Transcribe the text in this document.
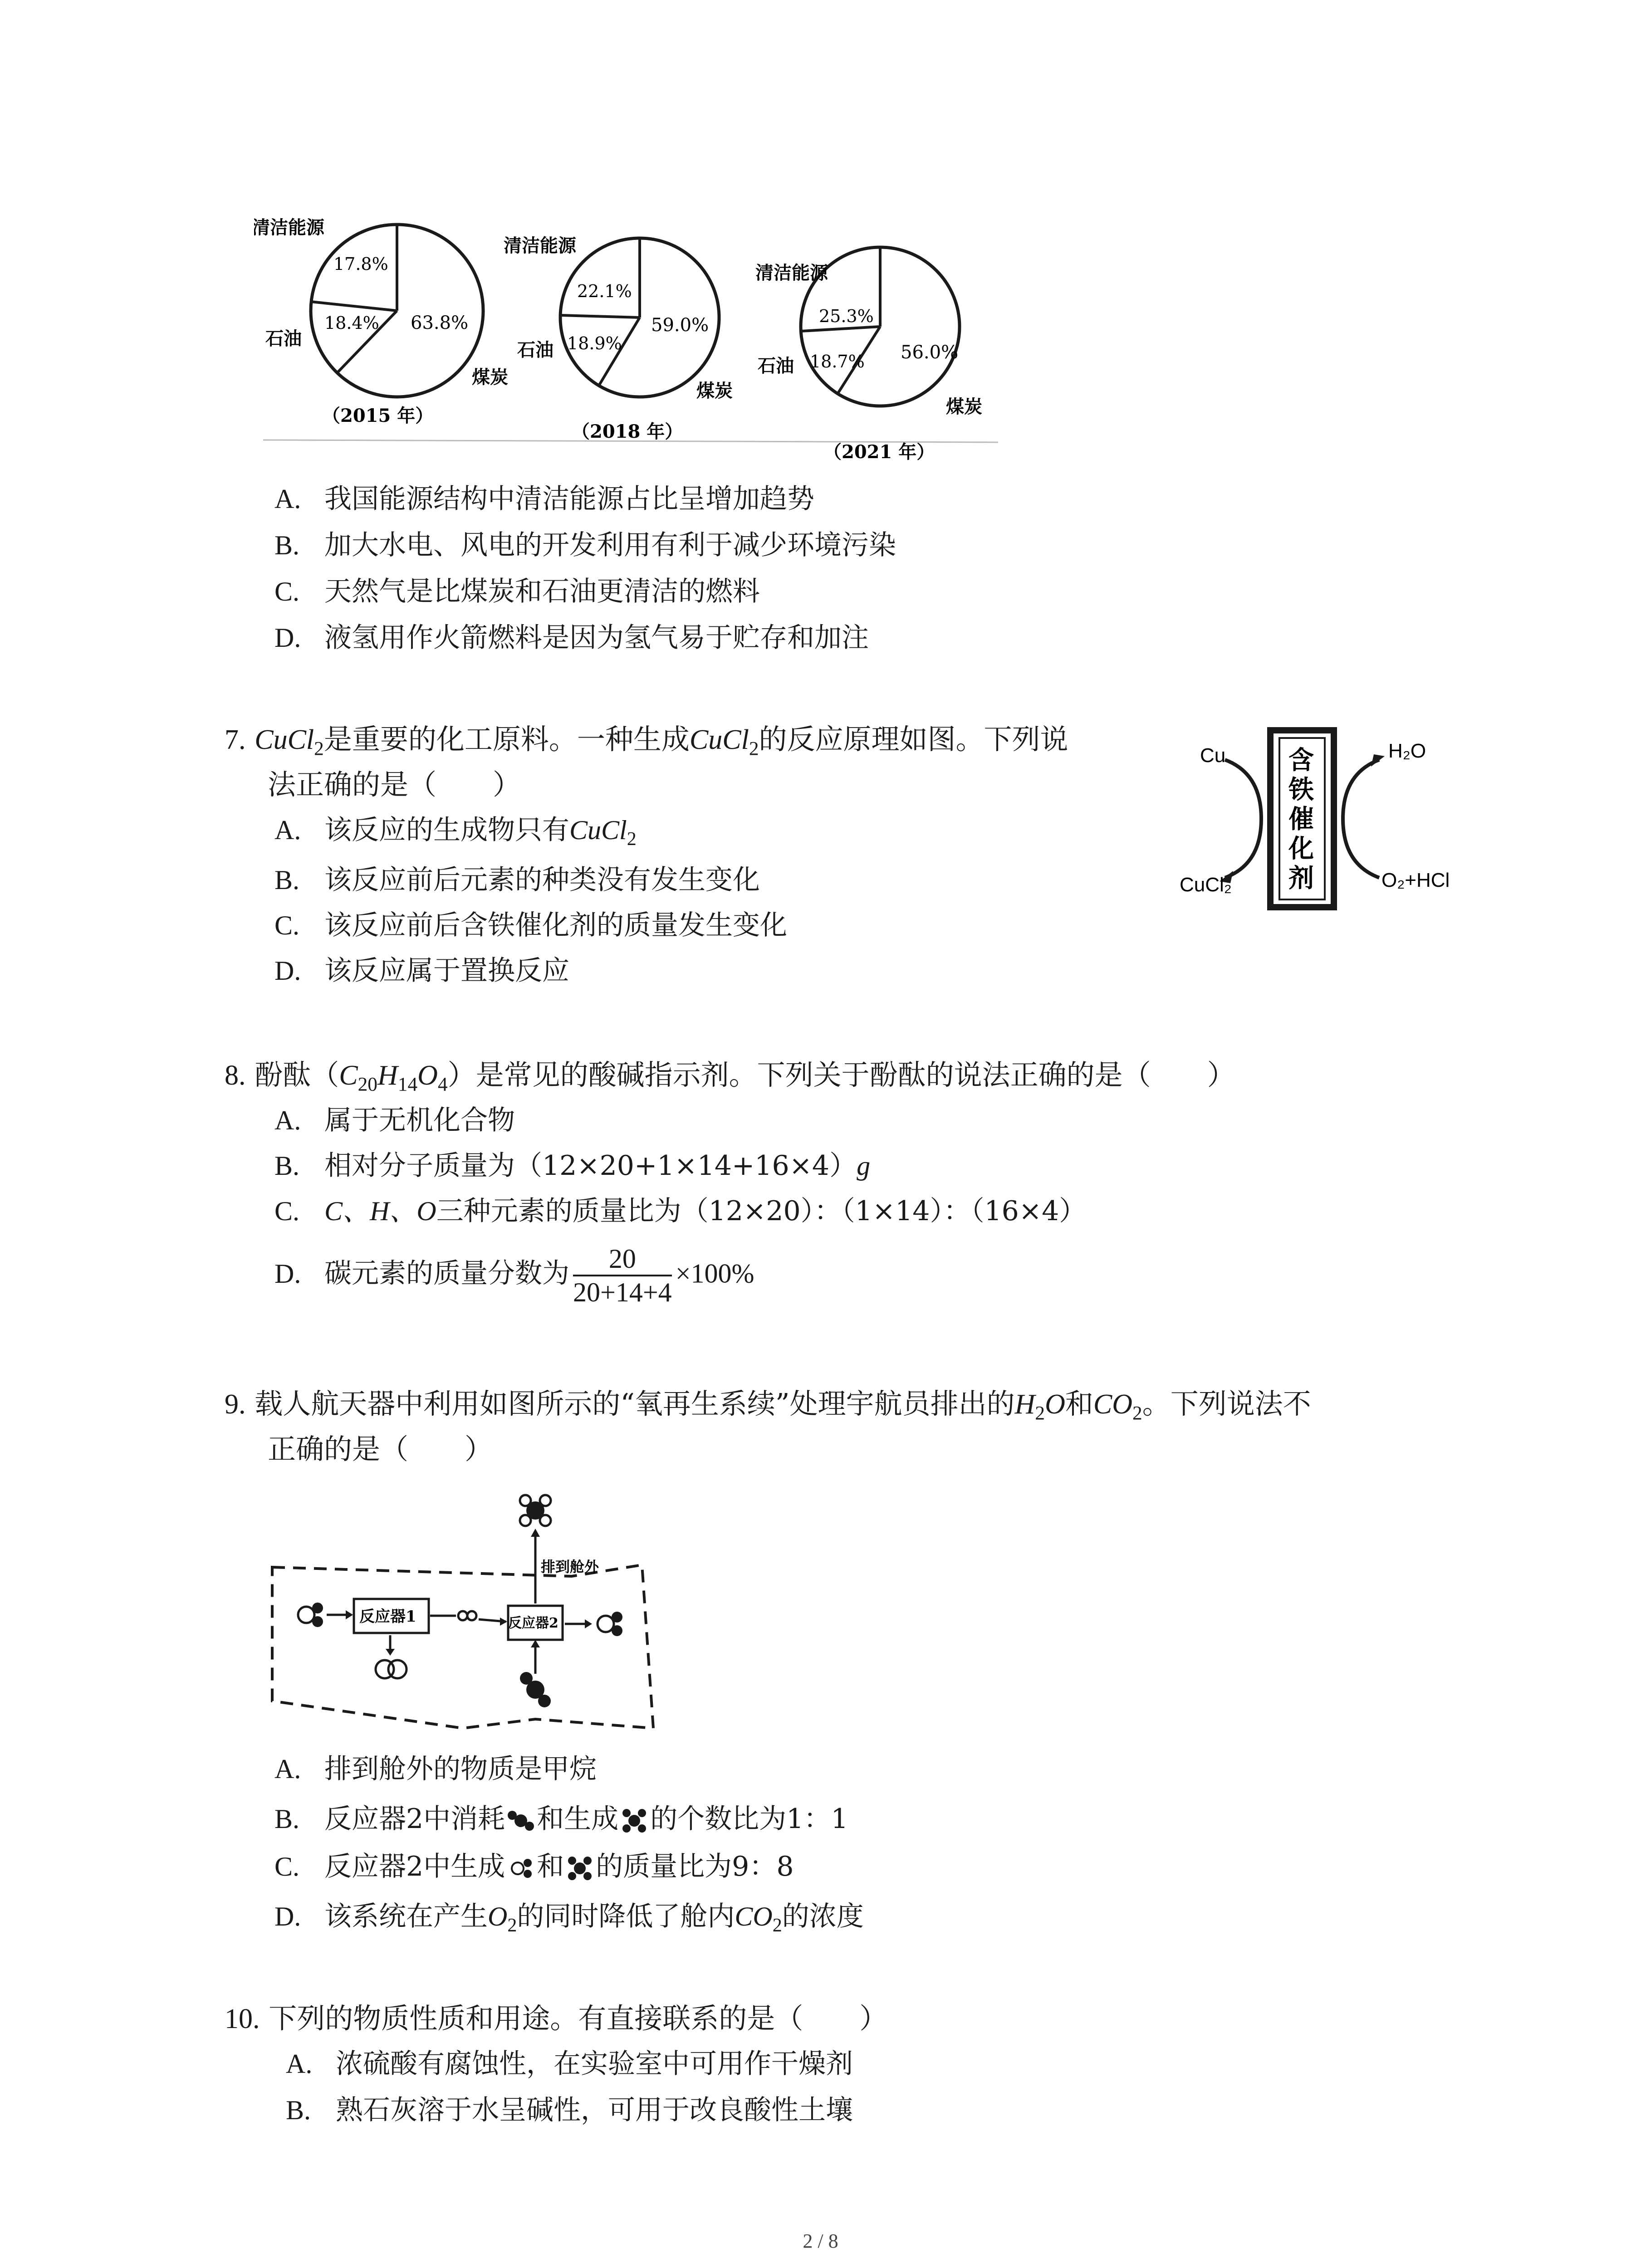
清洁能源
17.8%
18.4%
石油
63.8%
煤炭
（2015 年）
清洁能源
22.1%
18.9%
石油
59.0%
煤炭
（2018 年）
清洁能源
25.3%
18.7%
石油
56.0%
煤炭
（2021 年）
A. 我国能源结构中清洁能源占比呈增加趋势
B. 加大水电、风电的开发利用有利于减少环境污染
C. 天然气是比煤炭和石油更清洁的燃料
D. 液氢用作火箭燃料是因为氢气易于贮存和加注
7. CuCl$_2$是重要的化工原料。一种生成CuCl$_2$的反应原理如图。下列说
法正确的是（　　）
含
铁
催
化
剂
Cu	H₂O
CuCl₂	O₂+HCl
A. 该反应的生成物只有CuCl$_2$
B. 该反应前后元素的种类没有发生变化
C. 该反应前后含铁催化剂的质量发生变化
D. 该反应属于置换反应
8. 酚酞$(C_{20}H_{14}O_4)$是常见的酸碱指示剂。下列关于酚酞的说法正确的是（　　）
A. 属于无机化合物
B. 相对分子质量为（12×20+1×14+16×4）g
C. C、H、O三种元素的质量比为（12×20）：（1×14）：（16×4）
D. 碳元素的质量分数为 $\frac{20}{20+14+4} \times 100\%$
9. 载人航天器中利用如图所示的“氧再生系续”处理宇航员排出的$H_2O$和$CO_2$。下列说法不
正确的是（　　）
反应器1	反应器2
排到舱外
A. 排到舱外的物质是甲烷
B. 反应器2中消耗 和生成 的个数比为1：1
C. 反应器2中生成 和 的质量比为9：8
D. 该系统在产生$O_2$的同时降低了舱内$CO_2$的浓度
10. 下列的物质性质和用途。有直接联系的是（　　）
A. 浓硫酸有腐蚀性，在实验室中可用作干燥剂
B. 熟石灰溶于水呈碱性，可用于改良酸性土壤
2 / 8
